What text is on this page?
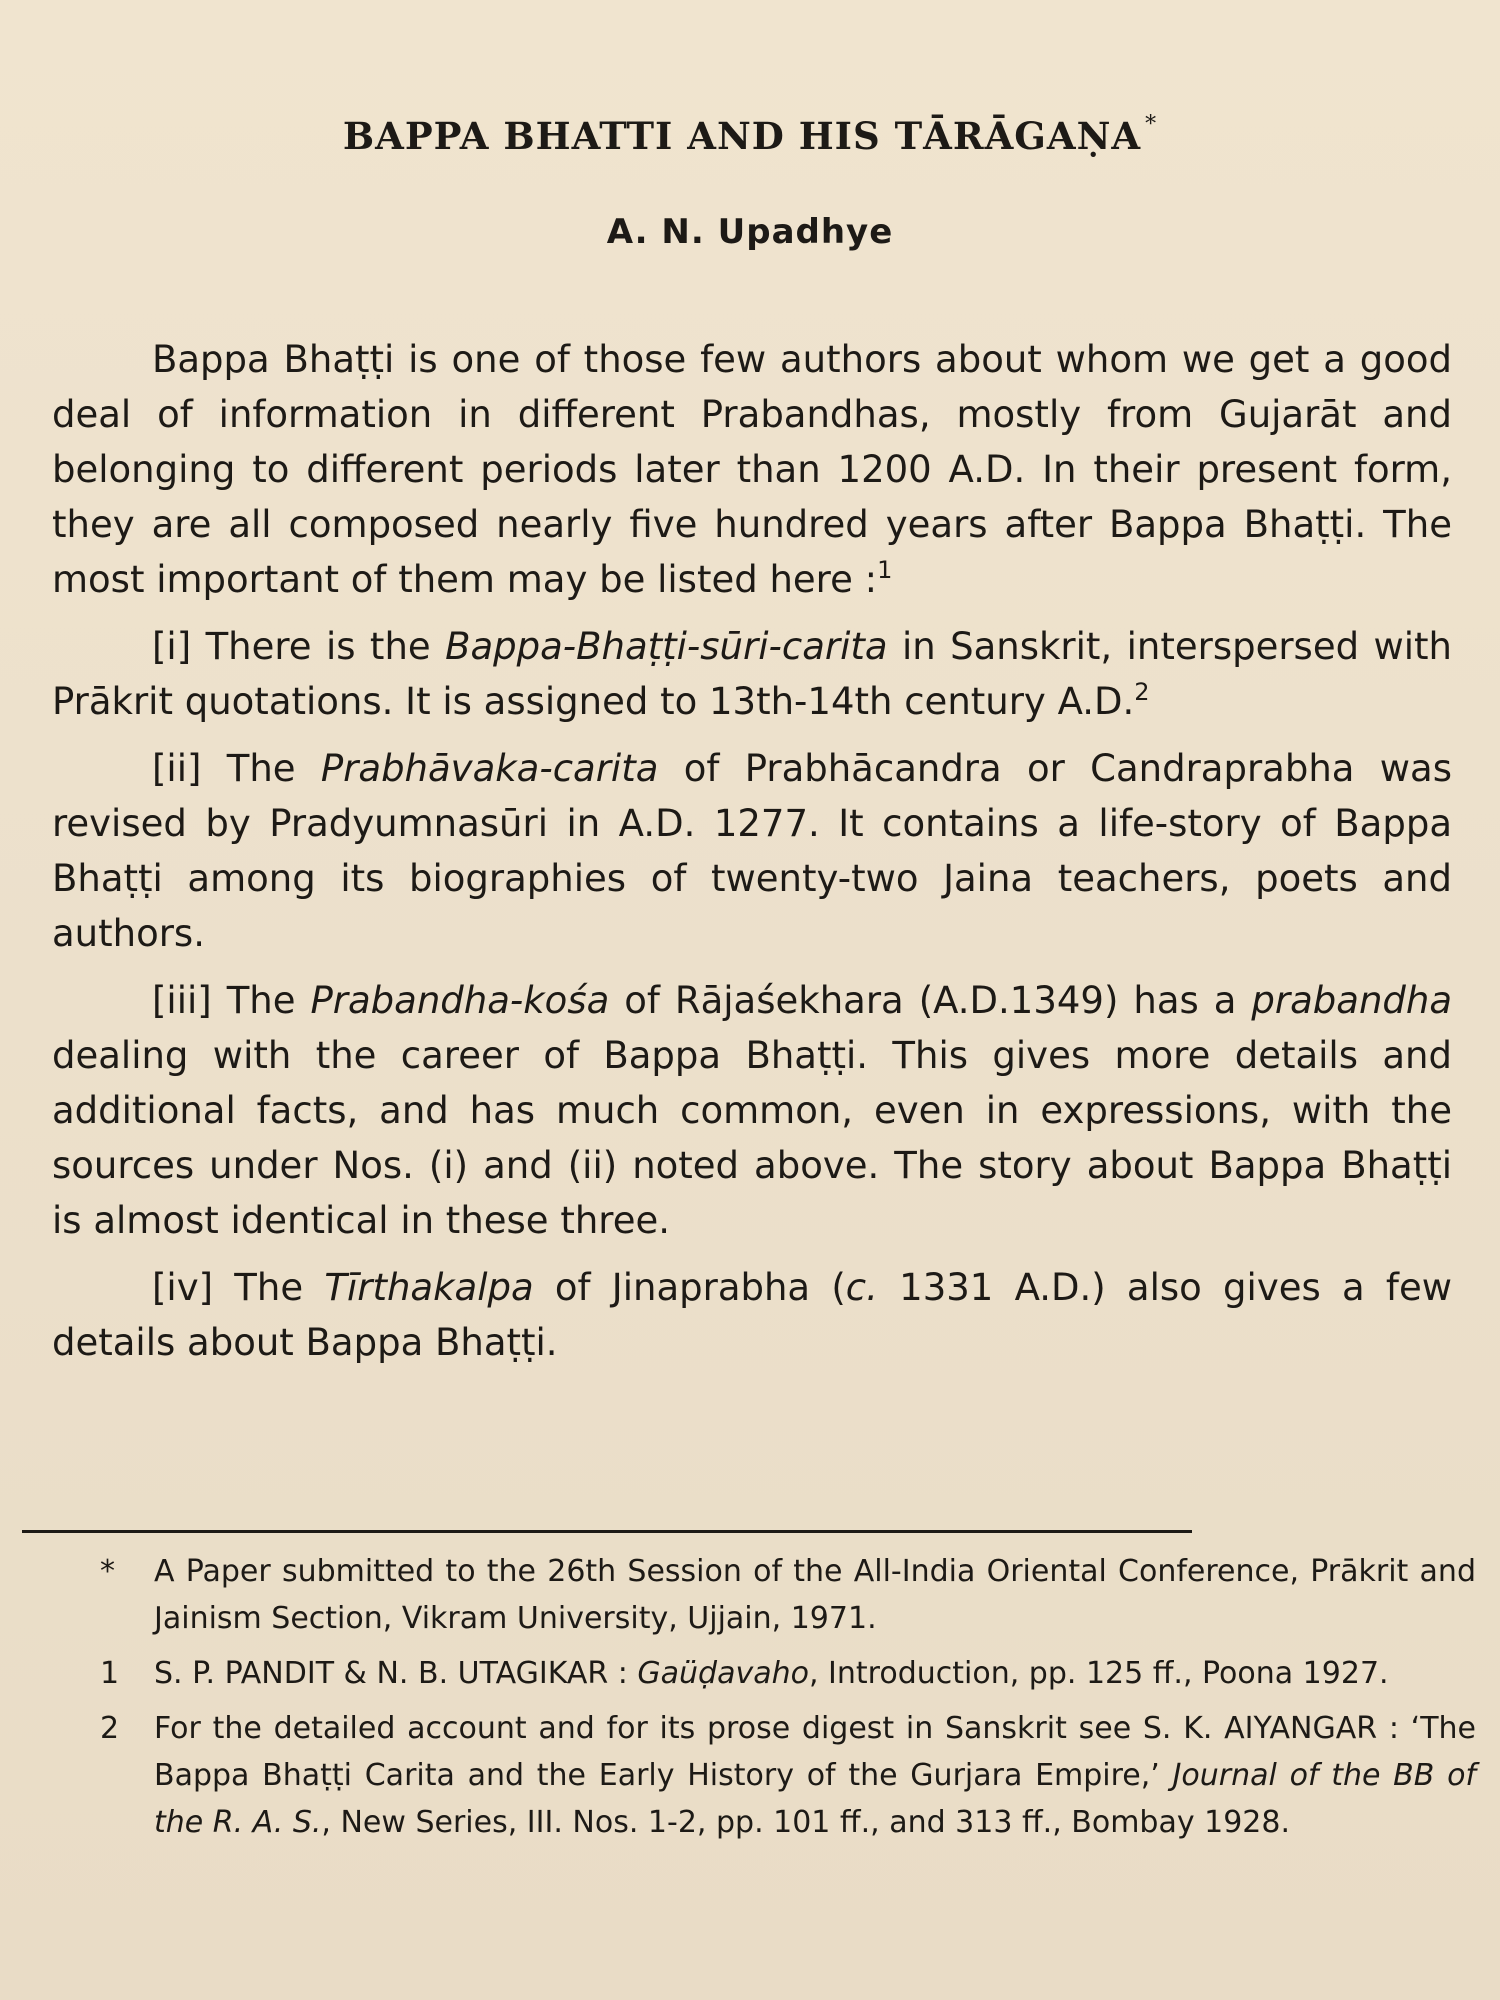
BAPPA BHATTI AND HIS TĀRĀGAṆA *
A. N. Upadhye

Bappa Bhaṭṭi is one of those few authors about whom we get a good deal of information in different Prabandhas, mostly from Gujarāt and belonging to different periods later than 1200 A.D. In their present form, they are all composed nearly five hundred years after Bappa Bhaṭṭi. The most important of them may be listed here :$^1$

[i] There is the Bappa-Bhaṭṭi-sūri-carita in Sanskrit, interspersed with Prākrit quotations. It is assigned to 13th-14th century A.D.$^2$

[ii] The Prabhāvaka-carita of Prabhācandra or Candraprabha was revised by Pradyumnasūri in A.D. 1277. It contains a life-story of Bappa Bhaṭṭi among its biographies of twenty-two Jaina teachers, poets and authors.

[iii] The Prabandha-kośa of Rājaśekhara (A.D.1349) has a prabandha dealing with the career of Bappa Bhaṭṭi. This gives more details and additional facts, and has much common, even in expressions, with the sources under Nos. (i) and (ii) noted above. The story about Bappa Bhaṭṭi is almost identical in these three.

[iv] The Tīrthakalpa of Jinaprabha (c. 1331 A.D.) also gives a few details about Bappa Bhaṭṭi.

*	A Paper submitted to the 26th Session of the All-India Oriental Conference, Prākrit and Jainism Section, Vikram University, Ujjain, 1971.
1	S. P. PANDIT & N. B. UTAGIKAR : Gaüḍavaho, Introduction, pp. 125 ff., Poona 1927.
2	For the detailed account and for its prose digest in Sanskrit see S. K. AIYANGAR : ‘The Bappa Bhaṭṭi Carita and the Early History of the Gurjara Empire,’ Journal of the BB of the R. A. S., New Series, III. Nos. 1-2, pp. 101 ff., and 313 ff., Bombay 1928.
